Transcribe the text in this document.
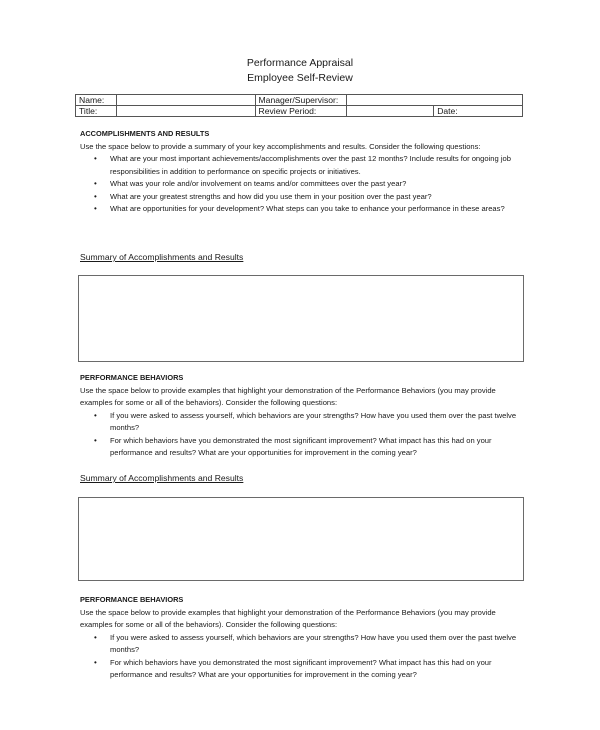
Performance Appraisal
Employee Self-Review
Name:		Manager/Supervisor:		
Title:		Review Period:		Date:
ACCOMPLISHMENTS AND RESULTS
Use the space below to provide a summary of your key accomplishments and results. Consider the following questions:
• What are your most important achievements/accomplishments over the past 12 months? Include results for ongoing job responsibilities in addition to performance on specific projects or initiatives.
• What was your role and/or involvement on teams and/or committees over the past year?
• What are your greatest strengths and how did you use them in your position over the past year?
• What are opportunities for your development? What steps can you take to enhance your performance in these areas?
Summary of Accomplishments and Results
PERFORMANCE BEHAVIORS
Use the space below to provide examples that highlight your demonstration of the Performance Behaviors (you may provide examples for some or all of the behaviors). Consider the following questions:
• If you were asked to assess yourself, which behaviors are your strengths? How have you used them over the past twelve months?
• For which behaviors have you demonstrated the most significant improvement? What impact has this had on your performance and results? What are your opportunities for improvement in the coming year?
Summary of Accomplishments and Results
PERFORMANCE BEHAVIORS
Use the space below to provide examples that highlight your demonstration of the Performance Behaviors (you may provide examples for some or all of the behaviors). Consider the following questions:
• If you were asked to assess yourself, which behaviors are your strengths? How have you used them over the past twelve months?
• For which behaviors have you demonstrated the most significant improvement? What impact has this had on your performance and results? What are your opportunities for improvement in the coming year?
